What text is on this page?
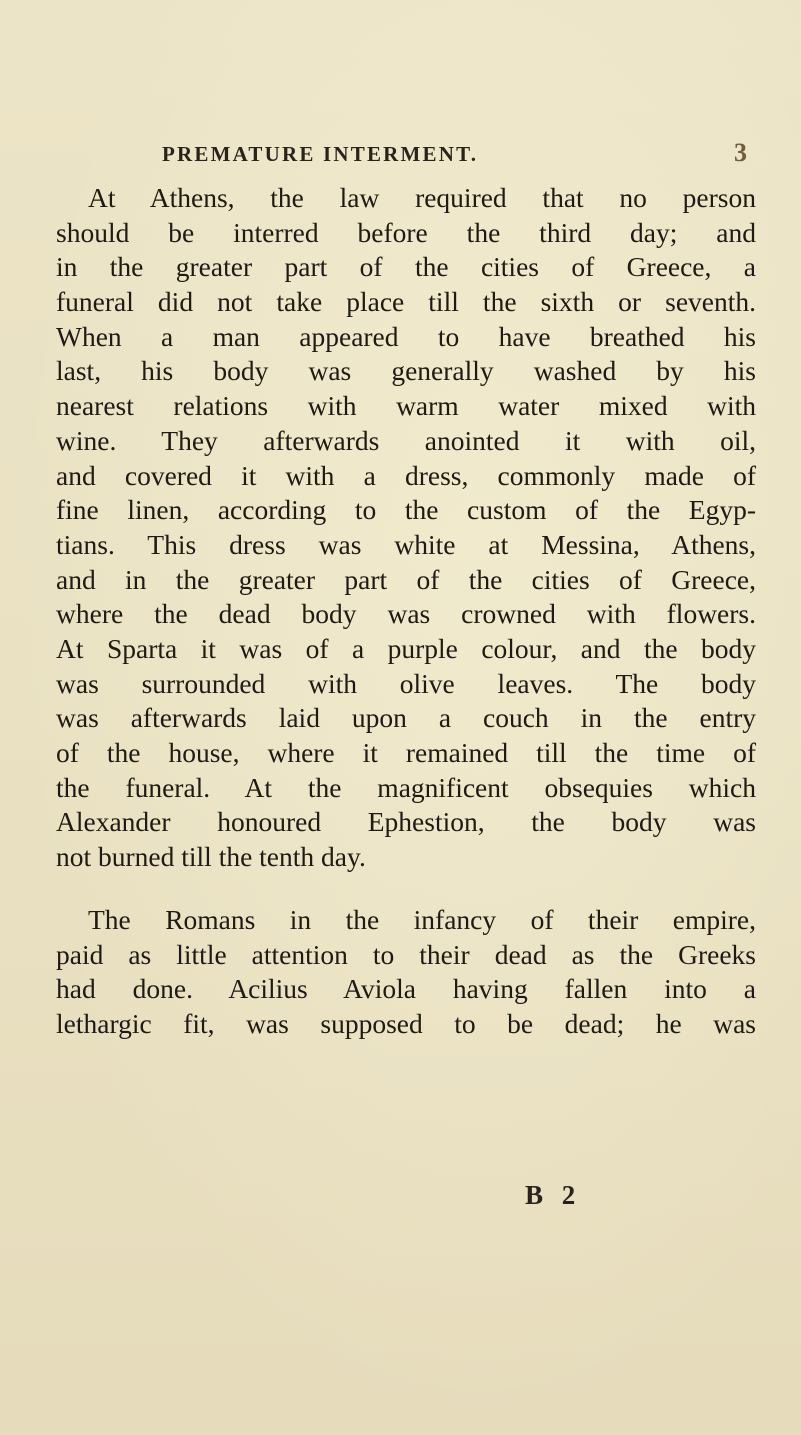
PREMATURE INTERMENT.	3
At Athens, the law required that no person
should be interred before the third day; and
in the greater part of the cities of Greece, a
funeral did not take place till the sixth or seventh.
When a man appeared to have breathed his
last, his body was generally washed by his
nearest relations with warm water mixed with
wine. They afterwards anointed it with oil,
and covered it with a dress, commonly made of
fine linen, according to the custom of the Egyp-
tians. This dress was white at Messina, Athens,
and in the greater part of the cities of Greece,
where the dead body was crowned with flowers.
At Sparta it was of a purple colour, and the body
was surrounded with olive leaves. The body
was afterwards laid upon a couch in the entry
of the house, where it remained till the time of
the funeral. At the magnificent obsequies which
Alexander honoured Ephestion, the body was
not burned till the tenth day.
The Romans in the infancy of their empire,
paid as little attention to their dead as the Greeks
had done. Acilius Aviola having fallen into a
lethargic fit, was supposed to be dead; he was
B 2
